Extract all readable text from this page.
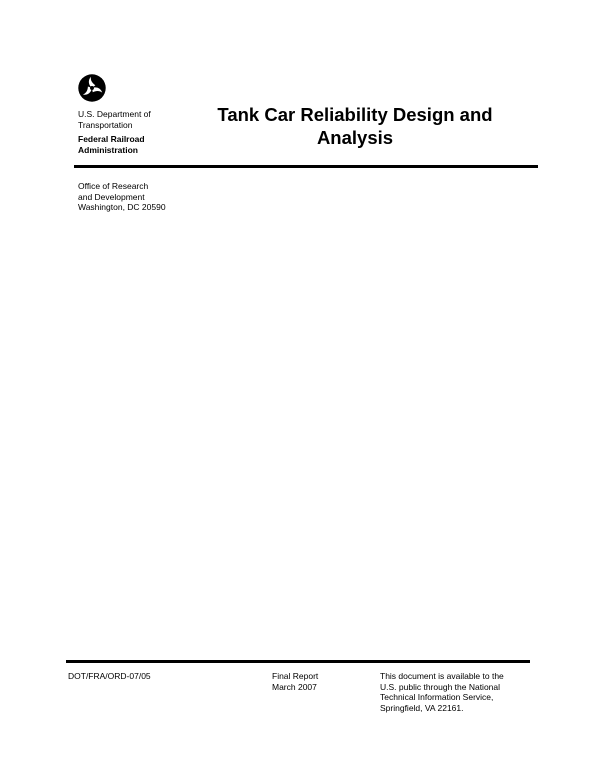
U.S. Department of
Transportation
Federal Railroad
Administration
Tank Car Reliability Design and
Analysis
Office of Research
and Development
Washington, DC 20590
DOT/FRA/ORD-07/05	Final Report
March 2007
This document is available to the
U.S. public through the National
Technical Information Service,
Springfield, VA 22161.
